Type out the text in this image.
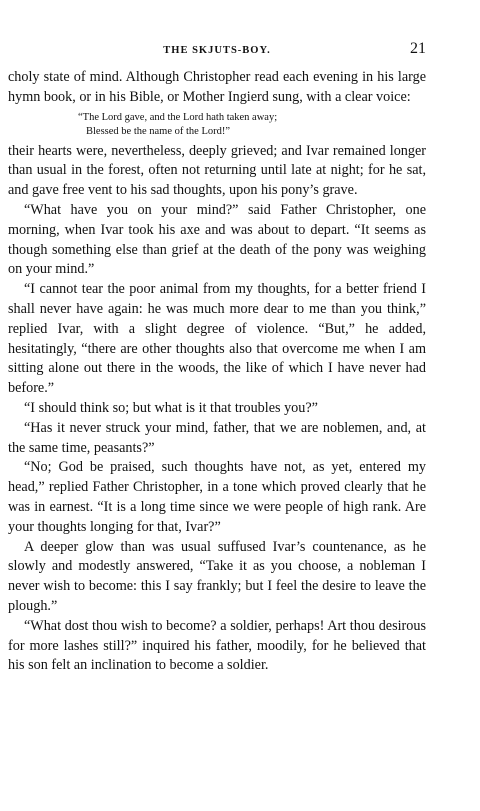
THE SKJUTS-BOY.	21

choly state of mind. Although Christopher read each evening in his large hymn book, or in his Bible, or Mother Ingierd sung, with a clear voice:

“The Lord gave, and the Lord hath taken away;
Blessed be the name of the Lord!”

their hearts were, nevertheless, deeply grieved; and Ivar remained longer than usual in the forest, often not returning until late at night; for he sat, and gave free vent to his sad thoughts, upon his pony’s grave.

“What have you on your mind?” said Father Christopher, one morning, when Ivar took his axe and was about to depart. “It seems as though something else than grief at the death of the pony was weighing on your mind.”

“I cannot tear the poor animal from my thoughts, for a better friend I shall never have again: he was much more dear to me than you think,” replied Ivar, with a slight degree of violence. “But,” he added, hesitatingly, “there are other thoughts also that overcome me when I am sitting alone out there in the woods, the like of which I have never had before.”

“I should think so; but what is it that troubles you?”

“Has it never struck your mind, father, that we are noblemen, and, at the same time, peasants?”

“No; God be praised, such thoughts have not, as yet, entered my head,” replied Father Christopher, in a tone which proved clearly that he was in earnest. “It is a long time since we were people of high rank. Are your thoughts longing for that, Ivar?”

A deeper glow than was usual suffused Ivar’s countenance, as he slowly and modestly answered, “Take it as you choose, a nobleman I never wish to become: this I say frankly; but I feel the desire to leave the plough.”

“What dost thou wish to become? a soldier, perhaps! Art thou desirous for more lashes still?” inquired his father, moodily, for he believed that his son felt an inclination to become a soldier.
